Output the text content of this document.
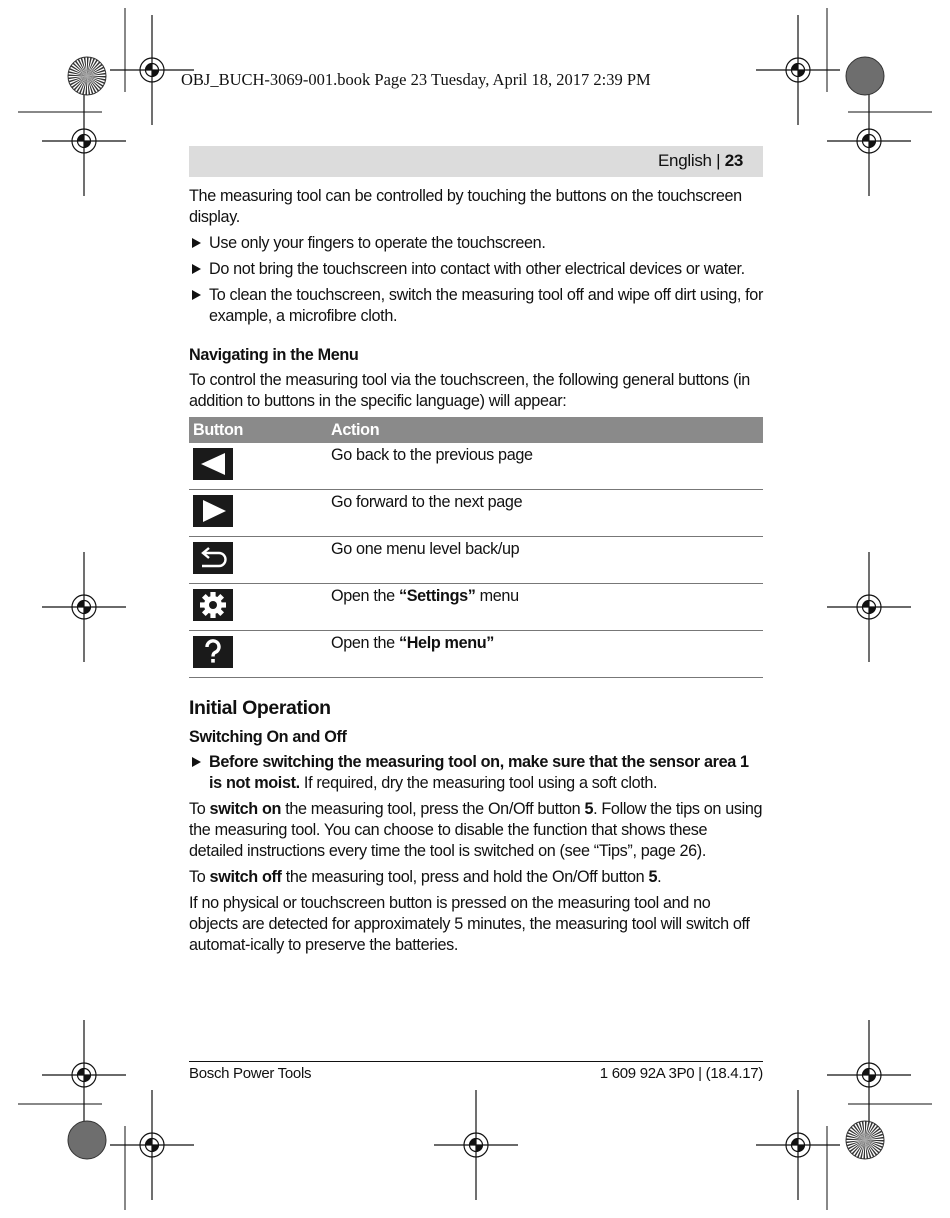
OBJ_BUCH-3069-001.book Page 23 Tuesday, April 18, 2017 2:39 PM
English | 23

The measuring tool can be controlled by touching the buttons on the touchscreen display.

Use only your fingers to operate the touchscreen.
Do not bring the touchscreen into contact with other electrical devices or water.
To clean the touchscreen, switch the measuring tool off and wipe off dirt using, for example, a microfibre cloth.
Navigating in the Menu

To control the measuring tool via the touchscreen, the following general buttons (in addition to buttons in the specific language) will appear:

Button	Action

	Go back to the previous page

	Go forward to the next page

	Go one menu level back/up

	Open the “Settings” menu

	Open the “Help menu”
Initial Operation
Switching On and Off
Before switching the measuring tool on, make sure that the sensor area 1 is not moist. If required, dry the measuring tool using a soft cloth.

To switch on the measuring tool, press the On/Off button 5. Follow the tips on using the measuring tool. You can choose to disable the function that shows these detailed instructions every time the tool is switched on (see “Tips”, page 26).

To switch off the measuring tool, press and hold the On/Off button 5.

If no physical or touchscreen button is pressed on the measuring tool and no objects are detected for approximately 5 minutes, the measuring tool will switch off automat-ically to preserve the batteries.

Bosch Power Tools	1 609 92A 3P0 | (18.4.17)
